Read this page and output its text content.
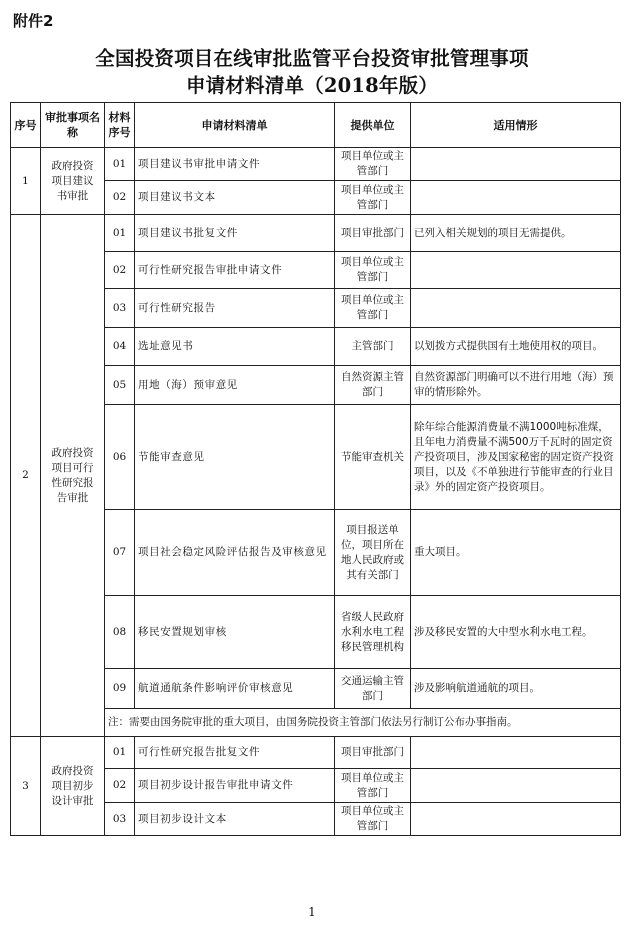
附件2
全国投资项目在线审批监管平台投资审批管理事项
申请材料清单（2018年版）
序号	审批事项名称	材料序号	申请材料清单	提供单位	适用情形
1	政府投资项目建议书审批	01	项目建议书审批申请文件	项目单位或主管部门	
		02	项目建议书文本	项目单位或主管部门	
2	政府投资项目可行性研究报告审批	01	项目建议书批复文件	项目审批部门	已列入相关规划的项目无需提供。
		02	可行性研究报告审批申请文件	项目单位或主管部门	
		03	可行性研究报告	项目单位或主管部门	
		04	选址意见书	主管部门	以划拨方式提供国有土地使用权的项目。
		05	用地（海）预审意见	自然资源主管部门	自然资源部门明确可以不进行用地（海）预审的情形除外。
		06	节能审查意见	节能审查机关	除年综合能源消费量不满1000吨标准煤，且年电力消费量不满500万千瓦时的固定资产投资项目，涉及国家秘密的固定资产投资项目，以及《不单独进行节能审查的行业目录》外的固定资产投资项目。
		07	项目社会稳定风险评估报告及审核意见	项目报送单位，项目所在地人民政府或其有关部门	重大项目。
		08	移民安置规划审核	省级人民政府水利水电工程移民管理机构	涉及移民安置的大中型水利水电工程。
		09	航道通航条件影响评价审核意见	交通运输主管部门	涉及影响航道通航的项目。
		注：需要由国务院审批的重大项目，由国务院投资主管部门依法另行制订公布办事指南。			
3	政府投资项目初步设计审批	01	可行性研究报告批复文件	项目审批部门	
		02	项目初步设计报告审批申请文件	项目单位或主管部门	
		03	项目初步设计文本	项目单位或主管部门	
1
